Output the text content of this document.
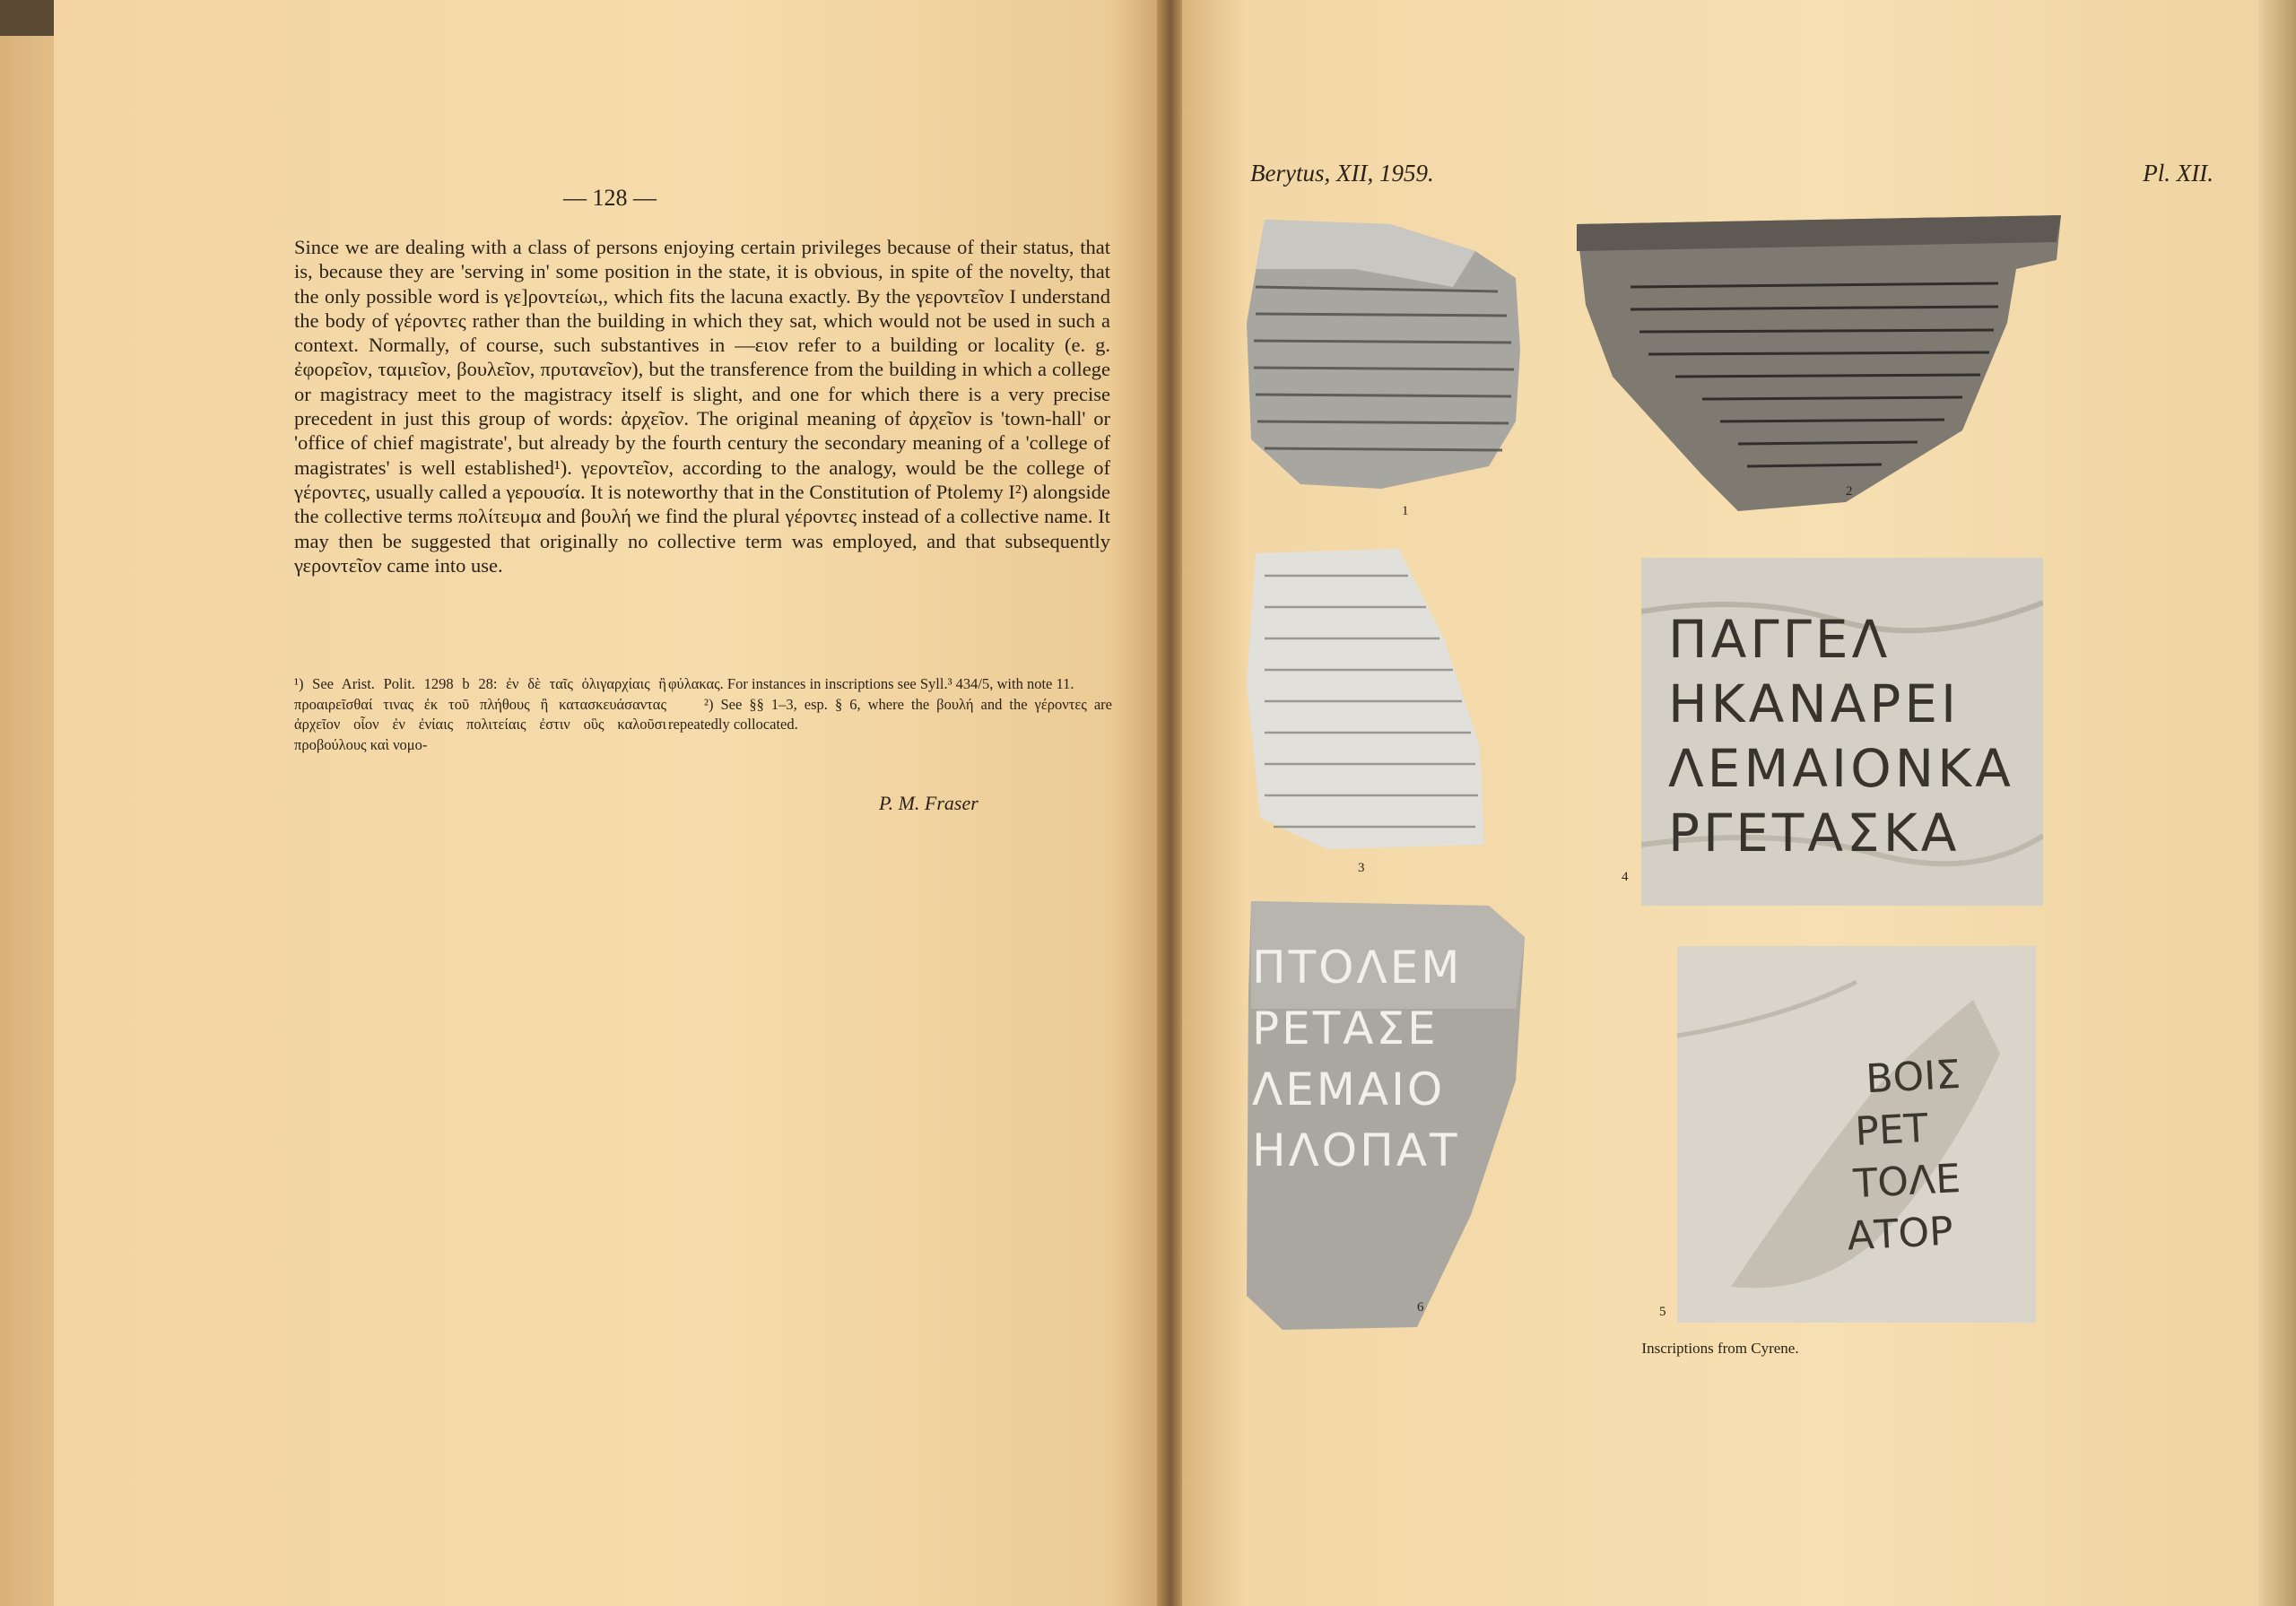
— 128 —
Since we are dealing with a class of persons enjoying certain privileges because of their status, that is, because they are 'serving in' some position in the state, it is obvious, in spite of the novelty, that the only possible word is γε]ροντείωι,, which fits the lacuna exactly. By the γεροντεῖον I understand the body of γέροντες rather than the building in which they sat, which would not be used in such a context. Normally, of course, such substantives in —ειον refer to a building or locality (e. g. ἐφορεῖον, ταμιεῖον, βουλεῖον, πρυτανεῖον), but the transference from the building in which a college or magistracy meet to the magistracy itself is slight, and one for which there is a very precise precedent in just this group of words: ἀρχεῖον. The original meaning of ἀρχεῖον is 'town-hall' or 'office of chief magistrate', but already by the fourth century the secondary meaning of a 'college of magistrates' is well established¹). γεροντεῖον, according to the analogy, would be the college of γέροντες, usually called a γερουσία. It is noteworthy that in the Constitution of Ptolemy I²) alongside the collective terms πολίτευμα and βουλή we find the plural γέροντες instead of a collective name. It may then be suggested that originally no collective term was employed, and that subsequently γεροντεῖον came into use.
¹) See Arist. Polit. 1298 b 28: ἐν δὲ ταῖς ὀλιγαρχίαις ἢ προαιρεῖσθαί τινας ἐκ τοῦ πλήθους ἢ κατασκευάσαντας ἀρχεῖον οἷον ἐν ἐνίαις πολιτείαις ἐστιν οὓς καλοῦσι προβούλους καὶ νομο-
φύλακας. For instances in inscriptions see Syll.³ 434/5, with note 11.
²) See §§ 1–3, esp. § 6, where the βουλή and the γέροντες are repeatedly collocated.
P. M. Fraser
Berytus, XII, 1959.	Pl. XII.
1
2
3
ΠΑΓΓΕΛ
ΗΚΑΝΑΡΕΙ
ΛΕΜΑΙΟΝΚΑ
ΡΓΕΤΑΣΚΑ
4
ΠΤΟΛΕΜ
ΡΕΤΑΣΕ
ΛΕΜΑΙΟ
ΗΛΟΠΑΤ
6
ΒΟΙΣ
ΡΕΤ
ΤΟΛΕ
ΑΤΟΡ
5
Inscriptions from Cyrene.
